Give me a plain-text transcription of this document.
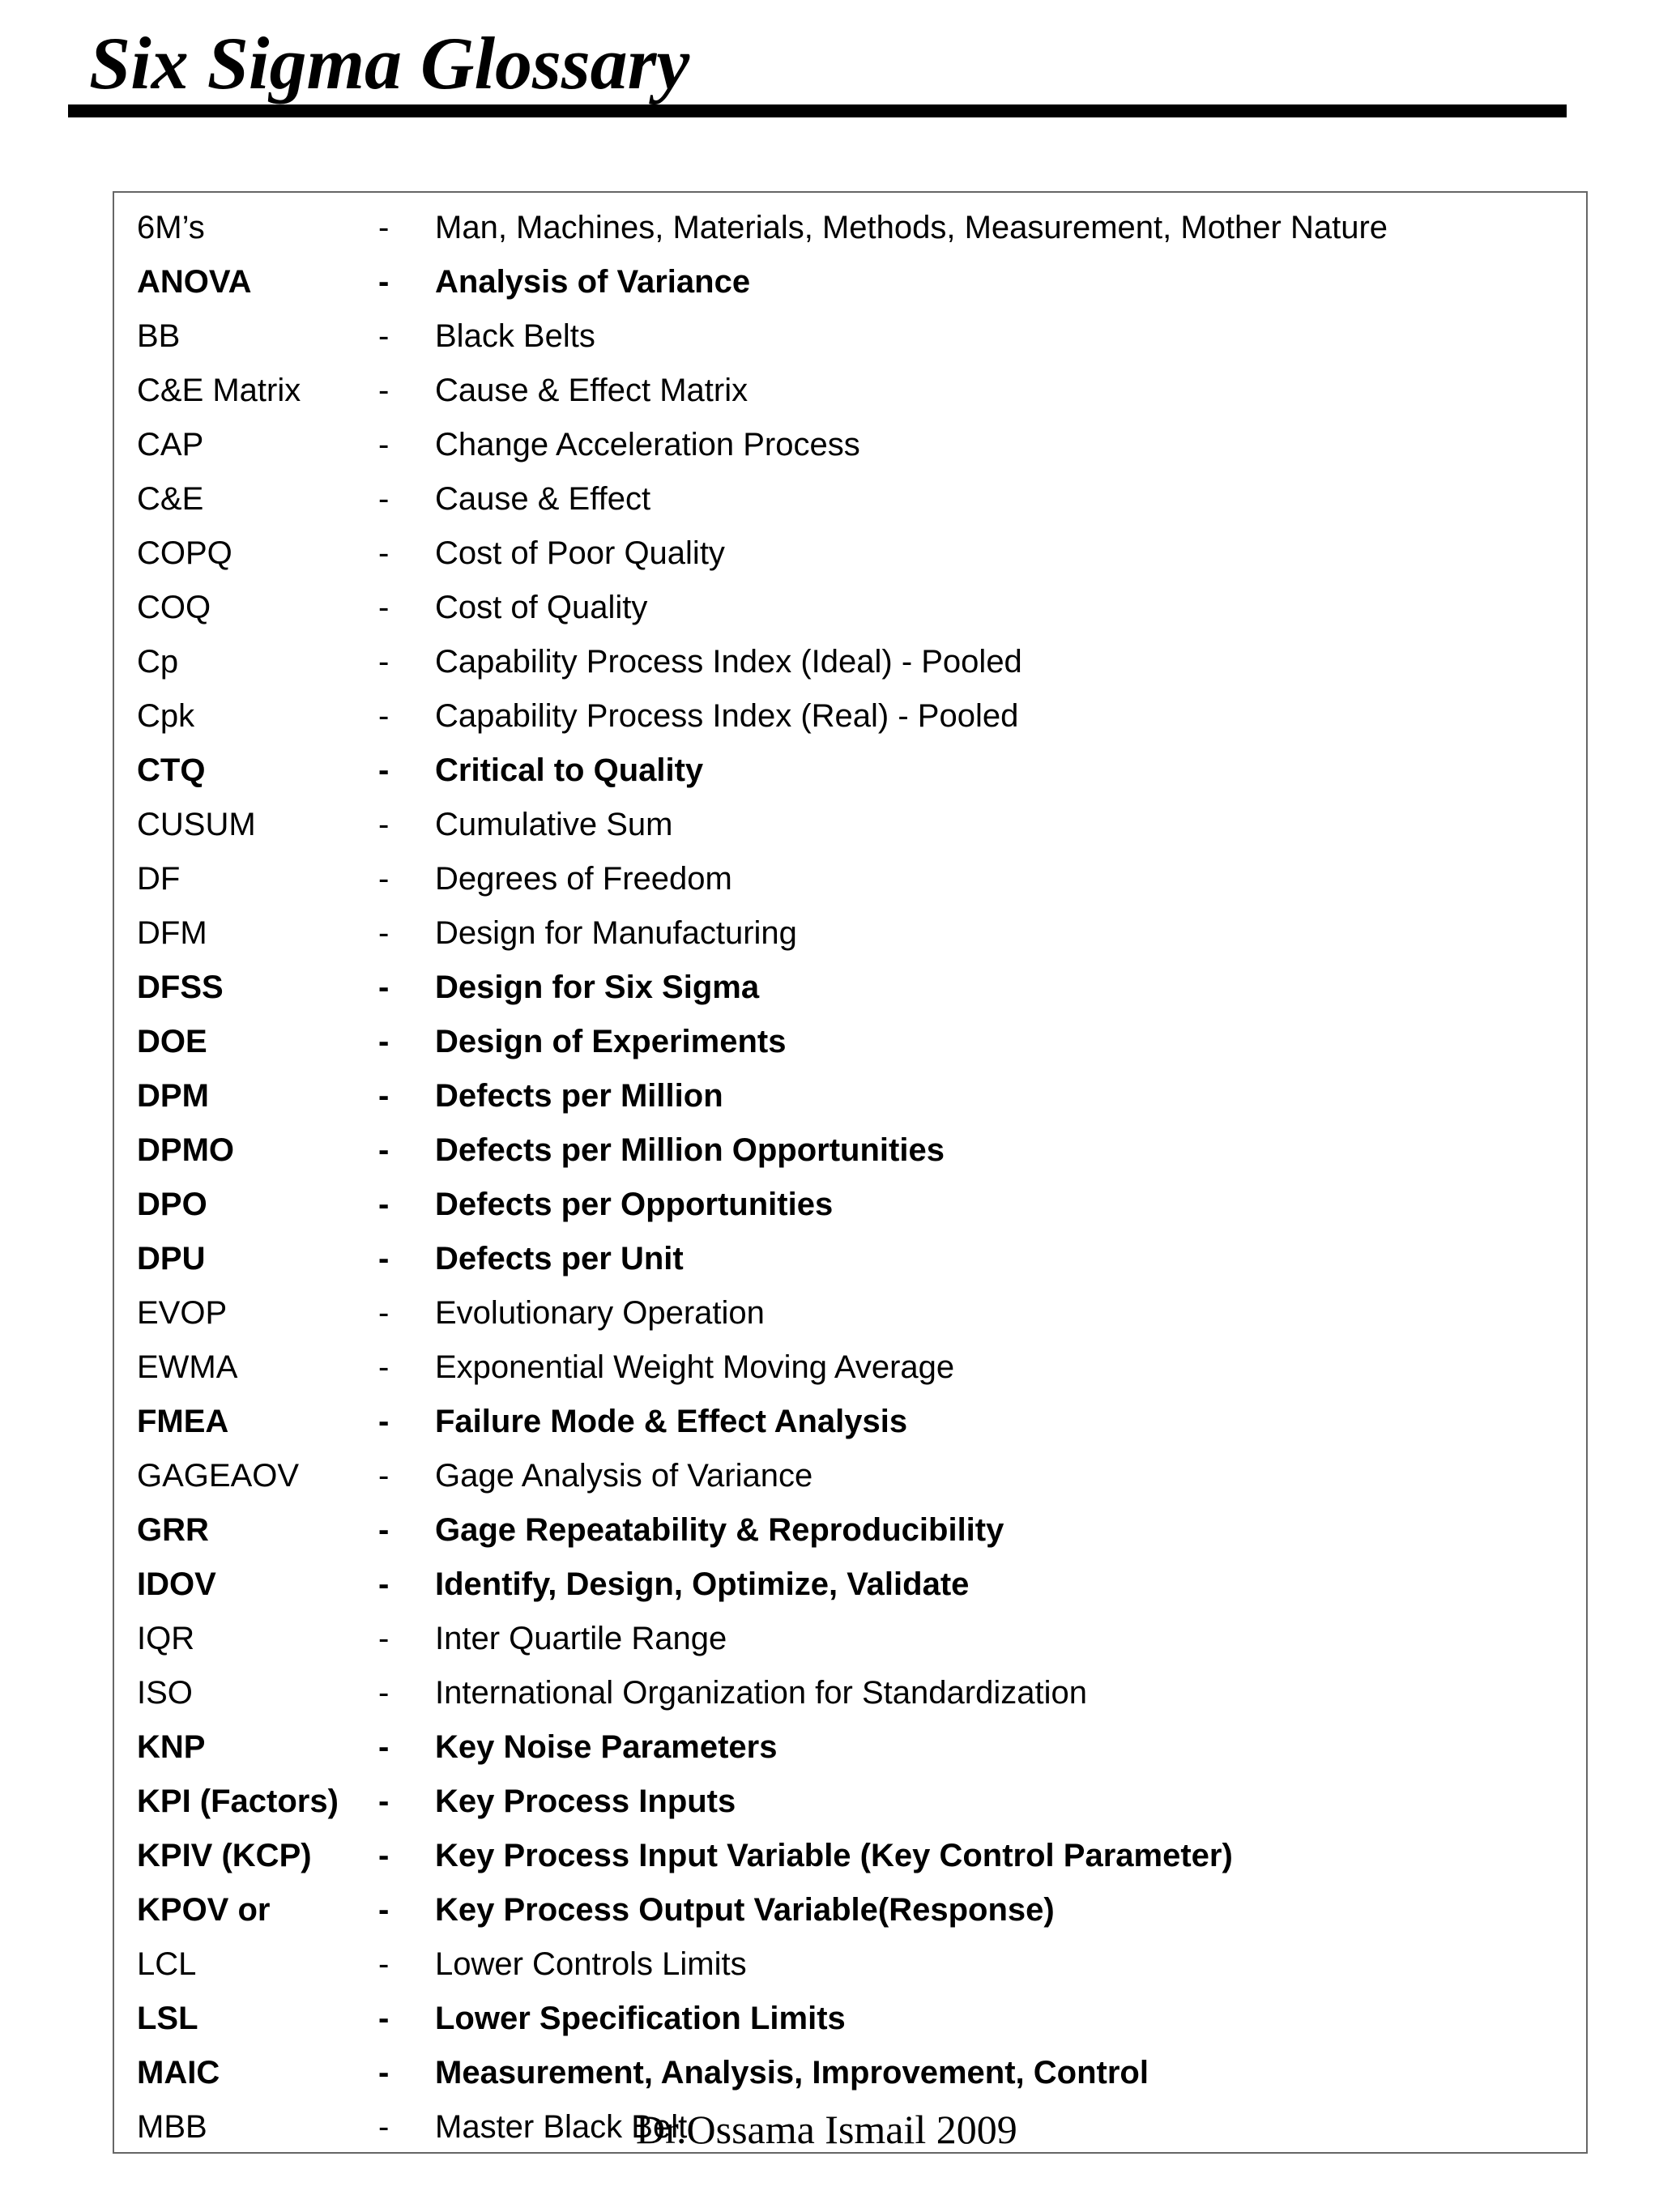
Six Sigma Glossary
6M’s	- Man, Machines, Materials, Methods, Measurement, Mother Nature
ANOVA	- Analysis of Variance
BB	- Black Belts
C&E Matrix - Cause & Effect Matrix
CAP	- Change Acceleration Process
C&E	- Cause & Effect
COPQ	- Cost of Poor Quality
COQ	- Cost of Quality
Cp	- Capability Process Index (Ideal) - Pooled
Cpk	- Capability Process Index (Real) - Pooled
CTQ	- Critical to Quality
CUSUM	- Cumulative Sum
DF	- Degrees of Freedom
DFM	- Design for Manufacturing
DFSS	- Design for Six Sigma
DOE	- Design of Experiments
DPM	- Defects per Million
DPMO	- Defects per Million Opportunities
DPO	- Defects per Opportunities
DPU	- Defects per Unit
EVOP	- Evolutionary Operation
EWMA	- Exponential Weight Moving Average
FMEA	- Failure Mode & Effect Analysis
GAGEAOV - Gage Analysis of Variance
GRR	- Gage Repeatability & Reproducibility
IDOV	- Identify, Design, Optimize, Validate
IQR	- Inter Quartile Range
ISO	- International Organization for Standardization
KNP	- Key Noise Parameters
KPI (Factors) - Key Process Inputs
KPIV (KCP) - Key Process Input Variable (Key Control Parameter)
KPOV or	- Key Process Output Variable(Response)
LCL	- Lower Controls Limits
LSL	- Lower Specification Limits
MAIC	- Measurement, Analysis, Improvement, Control
MBB	- Master Black Belt
Dr.Ossama Ismail 2009
